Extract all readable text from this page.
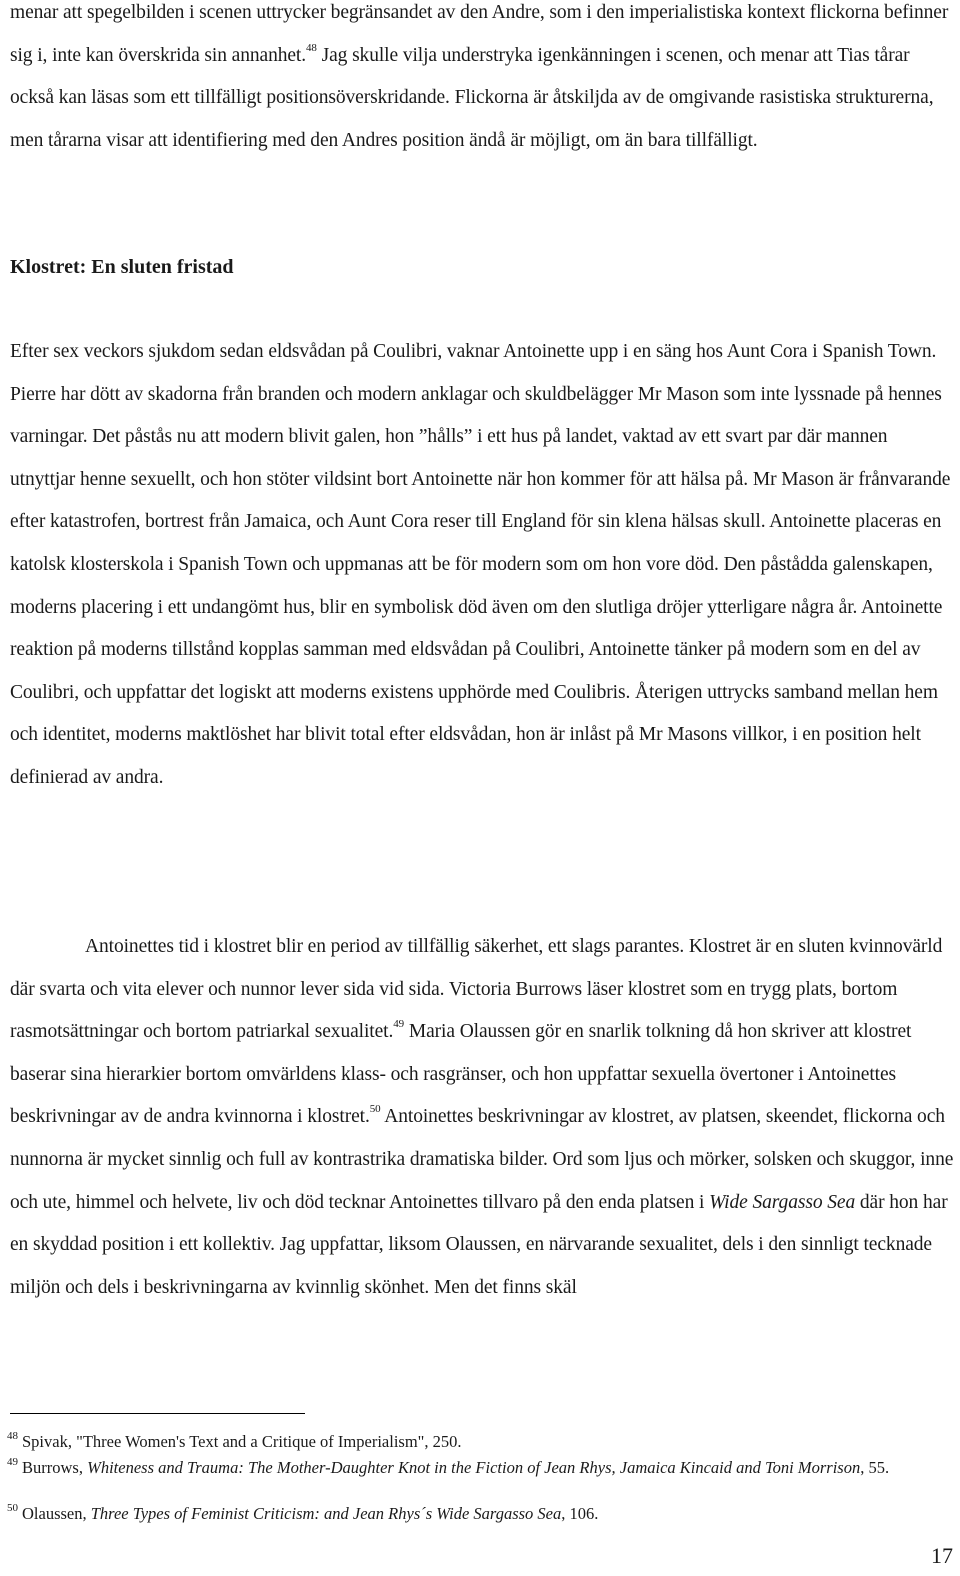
menar att spegelbilden i scenen uttrycker begränsandet av den Andre, som i den imperialistiska kontext flickorna befinner sig i, inte kan överskrida sin annanhet.$^{48}$ Jag skulle vilja understryka igenkänningen i scenen, och menar att Tias tårar också kan läsas som ett tillfälligt positionsöverskridande. Flickorna är åtskiljda av de omgivande rasistiska strukturerna, men tårarna visar att identifiering med den Andres position ändå är möjligt, om än bara tillfälligt.

Klostret: En sluten fristad

Efter sex veckors sjukdom sedan eldsvådan på Coulibri, vaknar Antoinette upp i en säng hos Aunt Cora i Spanish Town. Pierre har dött av skadorna från branden och modern anklagar och skuldbelägger Mr Mason som inte lyssnade på hennes varningar. Det påstås nu att modern blivit galen, hon ”hålls” i ett hus på landet, vaktad av ett svart par där mannen utnyttjar henne sexuellt, och hon stöter vildsint bort Antoinette när hon kommer för att hälsa på. Mr Mason är frånvarande efter katastrofen, bortrest från Jamaica, och Aunt Cora reser till England för sin klena hälsas skull. Antoinette placeras en katolsk klosterskola i Spanish Town och uppmanas att be för modern som om hon vore död. Den påstådda galenskapen, moderns placering i ett undangömt hus, blir en symbolisk död även om den slutliga dröjer ytterligare några år. Antoinette reaktion på moderns tillstånd kopplas samman med eldsvådan på Coulibri, Antoinette tänker på modern som en del av Coulibri, och uppfattar det logiskt att moderns existens upphörde med Coulibris. Återigen uttrycks samband mellan hem och identitet, moderns maktlöshet har blivit total efter eldsvådan, hon är inlåst på Mr Masons villkor, i en position helt definierad av andra.

Antoinettes tid i klostret blir en period av tillfällig säkerhet, ett slags parantes. Klostret är en sluten kvinnovärld där svarta och vita elever och nunnor lever sida vid sida. Victoria Burrows läser klostret som en trygg plats, bortom rasmotsättningar och bortom patriarkal sexualitet.$^{49}$ Maria Olaussen gör en snarlik tolkning då hon skriver att klostret baserar sina hierarkier bortom omvärldens klass- och rasgränser, och hon uppfattar sexuella övertoner i Antoinettes beskrivningar av de andra kvinnorna i klostret.$^{50}$ Antoinettes beskrivningar av klostret, av platsen, skeendet, flickorna och nunnorna är mycket sinnlig och full av kontrastrika dramatiska bilder. Ord som ljus och mörker, solsken och skuggor, inne och ute, himmel och helvete, liv och död tecknar Antoinettes tillvaro på den enda platsen i Wide Sargasso Sea där hon har en skyddad position i ett kollektiv. Jag uppfattar, liksom Olaussen, en närvarande sexualitet, dels i den sinnligt tecknade miljön och dels i beskrivningarna av kvinnlig skönhet. Men det finns skäl

$^{48}$ Spivak, "Three Women's Text and a Critique of Imperialism", 250.

$^{49}$ Burrows, Whiteness and Trauma: The Mother-Daughter Knot in the Fiction of Jean Rhys, Jamaica Kincaid and Toni Morrison, 55.

$^{50}$ Olaussen, Three Types of Feminist Criticism: and Jean Rhys´s Wide Sargasso Sea, 106.

17
